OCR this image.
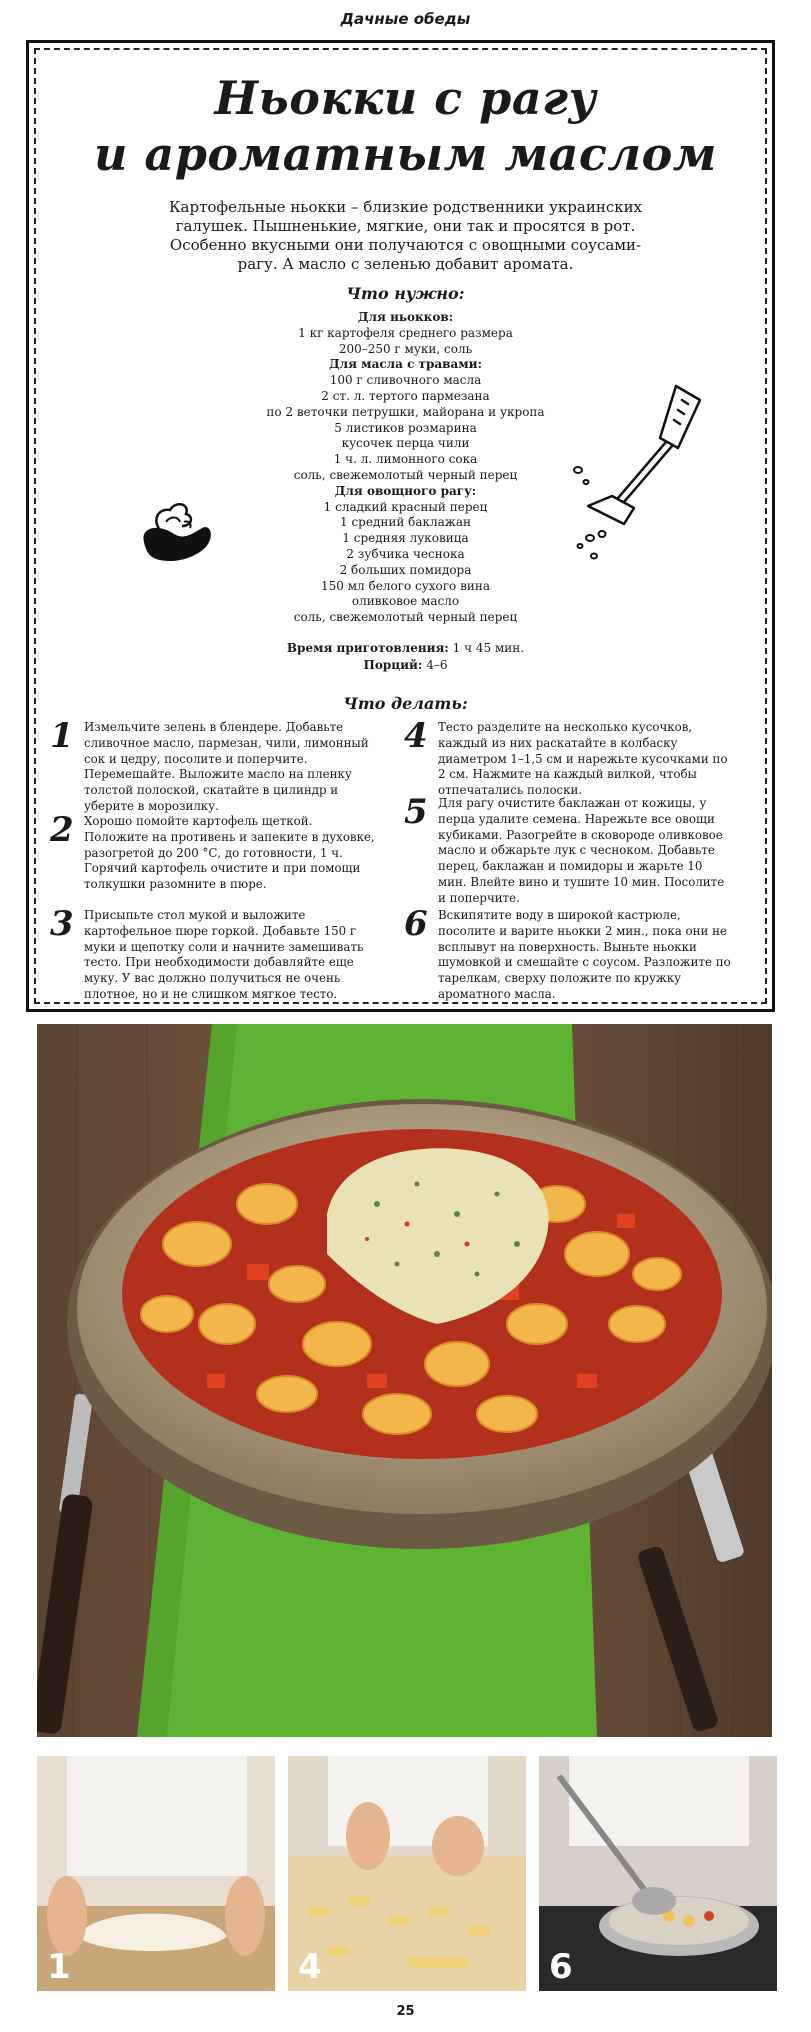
Дачные обеды
Ньокки с рагу
и ароматным маслом
Картофельные ньокки – близкие родственники украинских галушек. Пышненькие, мягкие, они так и просятся в рот. Особенно вкусными они получаются с овощными соусами-рагу. А масло с зеленью добавит аромата.
Что нужно:
Для ньокков:
1 кг картофеля среднего размера
200–250 г муки, соль
Для масла с травами:
100 г сливочного масла
2 ст. л. тертого пармезана
по 2 веточки петрушки, майорана и укропа
5 листиков розмарина
кусочек перца чили
1 ч. л. лимонного сока
соль, свежемолотый черный перец
Для овощного рагу:
1 сладкий красный перец
1 средний баклажан
1 средняя луковица
2 зубчика чеснока
2 больших помидора
150 мл белого сухого вина
оливковое масло
соль, свежемолотый черный перец
Время приготовления: 1 ч 45 мин.
Порций: 4–6
Что делать:
1 Измельчите зелень в блендере. Добавьте сливочное масло, пармезан, чили, лимонный сок и цедру, посолите и поперчите. Перемешайте. Выложите масло на пленку толстой полоской, скатайте в цилиндр и уберите в морозилку.
2 Хорошо помойте картофель щеткой. Положите на противень и запеките в духовке, разогретой до 200 °С, до готовности, 1 ч. Горячий картофель очистите и при помощи толкушки разомните в пюре.
3 Присыпьте стол мукой и выложите картофельное пюре горкой. Добавьте 150 г муки и щепотку соли и начните замешивать тесто. При необходимости добавляйте еще муку. У вас должно получиться не очень плотное, но и не слишком мягкое тесто.
4 Тесто разделите на несколько кусочков, каждый из них раскатайте в колбаску диаметром 1–1,5 см и нарежьте кусочками по 2 см. Нажмите на каждый вилкой, чтобы отпечатались полоски.
5 Для рагу очистите баклажан от кожицы, у перца удалите семена. Нарежьте все овощи кубиками. Разогрейте в сковороде оливковое масло и обжарьте лук с чесноком. Добавьте перец, баклажан и помидоры и жарьте 10 мин. Влейте вино и тушите 10 мин. Посолите и поперчите.
6 Вскипятите воду в широкой кастрюле, посолите и варите ньокки 2 мин., пока они не всплывут на поверхность. Выньте ньокки шумовкой и смешайте с соусом. Разложите по тарелкам, сверху положите по кружку ароматного масла.
1	4	6
25
